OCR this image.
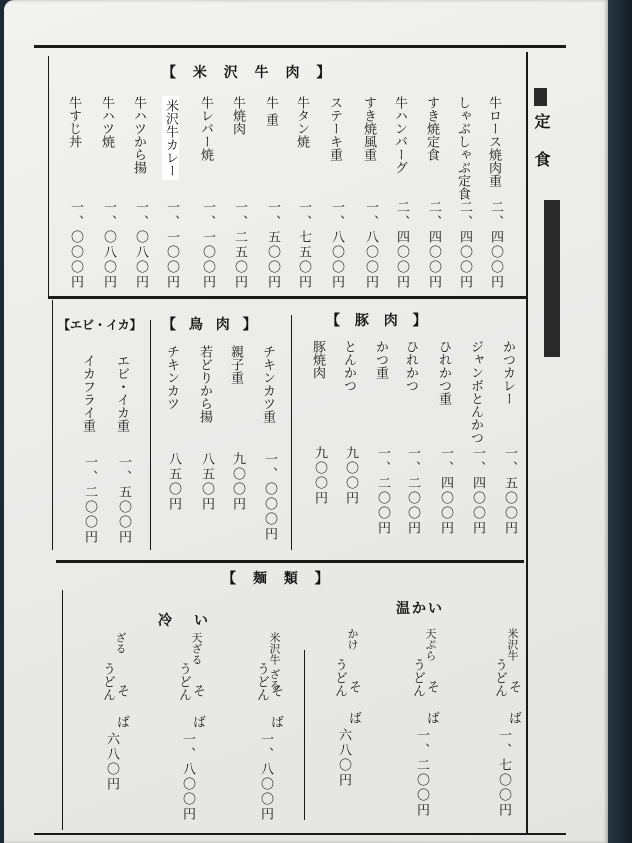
定食
【 米 沢 牛 肉 】
【エビ・イカ】 【 鳥 肉 】	【 豚 肉 】
【 麺 類 】
温かい
冷い
牛ロース焼肉重
二、四〇〇円
しゃぶしゃぶ定食
二、四〇〇円
すき焼定食
二、四〇〇円
牛ハンバーグ
二、四〇〇円
すき焼風重
一、八〇〇円
ステーキ重
一、八〇〇円
牛タン焼
一、七五〇円
牛 重
一、五〇〇円
牛焼肉
一、二五〇円
牛レバー焼
一、一〇〇円
米沢牛カレー
一、一〇〇円
牛ハツから揚
一、〇八〇円
牛ハツ焼
一、〇八〇円
牛すじ丼
一、〇〇〇円
かつカレー
一、五〇〇円
ジャンボとんかつ
一、四〇〇円
ひれかつ重
一、四〇〇円
ひれかつ
一、二〇〇円
かつ重
一、二〇〇円
とんかつ
九〇〇円
豚焼肉
九〇〇円
チキンカツ重
一、〇〇〇円
親子重
九〇〇円
若どりから揚
八五〇円
チキンカツ
八五〇円
エビ・イカ重
一、五〇〇円
イカフライ重
一、二〇〇円
米沢牛
うどん
そば
一、七〇〇円
天ぷら
うどん
そば
一、二〇〇円
かけ
うどん
そば
六八〇円
米沢牛 ざる
うどん
そば
一、八〇〇円
天ざる
うどん
そば
一、八〇〇円
ざる
うどん
そば
六八〇円
